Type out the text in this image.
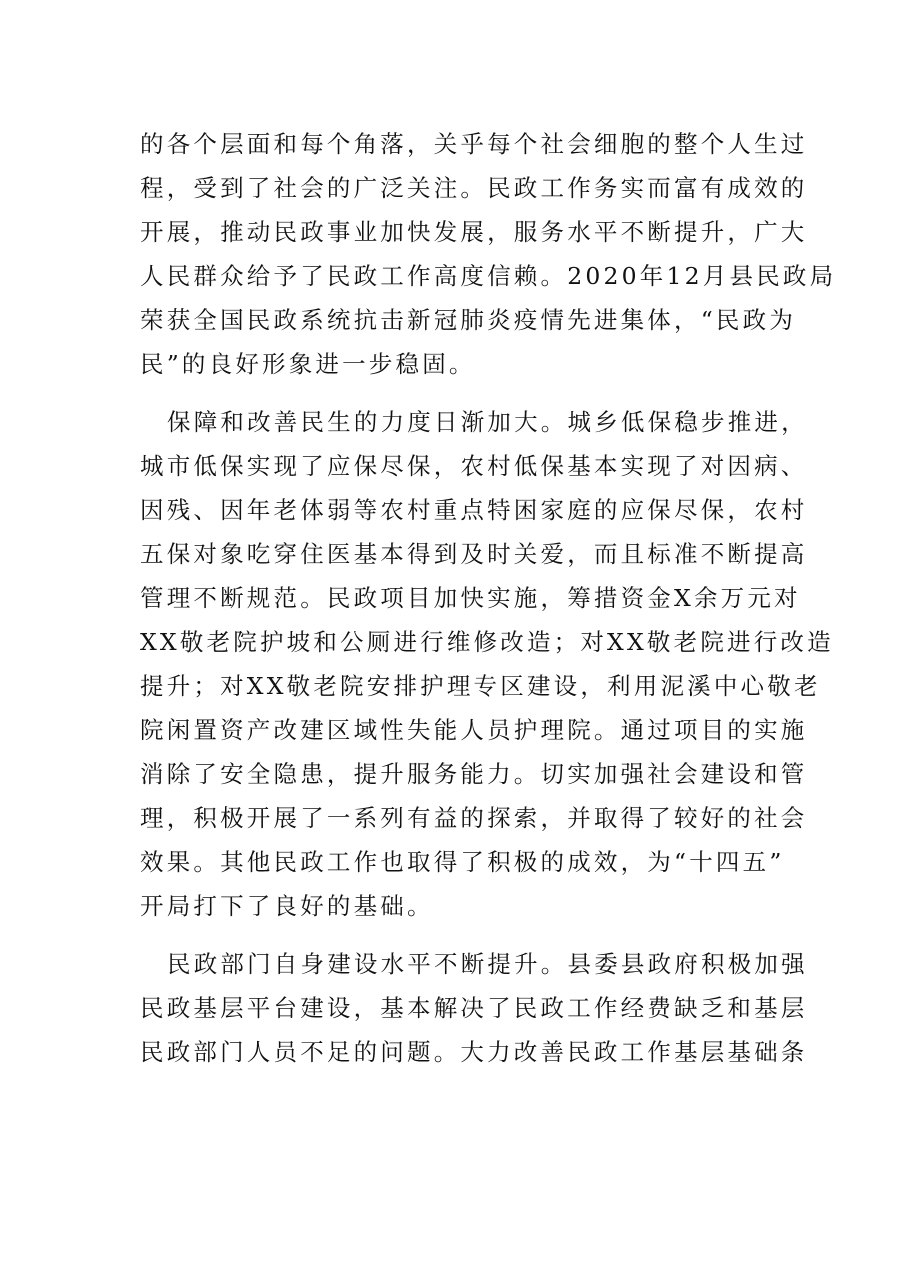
的各个层面和每个角落，关乎每个社会细胞的整个人生过
程，受到了社会的广泛关注。民政工作务实而富有成效的
开展，推动民政事业加快发展，服务水平不断提升，广大
人民群众给予了民政工作高度信赖。2020年12月县民政局
荣获全国民政系统抗击新冠肺炎疫情先进集体，“民政为
民”的良好形象进一步稳固。

保障和改善民生的力度日渐加大。城乡低保稳步推进，
城市低保实现了应保尽保，农村低保基本实现了对因病、
因残、因年老体弱等农村重点特困家庭的应保尽保，农村
五保对象吃穿住医基本得到及时关爱，而且标准不断提高
管理不断规范。民政项目加快实施，筹措资金X余万元对
XX敬老院护坡和公厕进行维修改造；对XX敬老院进行改造
提升；对XX敬老院安排护理专区建设，利用泥溪中心敬老
院闲置资产改建区域性失能人员护理院。通过项目的实施
消除了安全隐患，提升服务能力。切实加强社会建设和管
理，积极开展了一系列有益的探索，并取得了较好的社会
效果。其他民政工作也取得了积极的成效，为“十四五”
开局打下了良好的基础。

民政部门自身建设水平不断提升。县委县政府积极加强
民政基层平台建设，基本解决了民政工作经费缺乏和基层
民政部门人员不足的问题。大力改善民政工作基层基础条
